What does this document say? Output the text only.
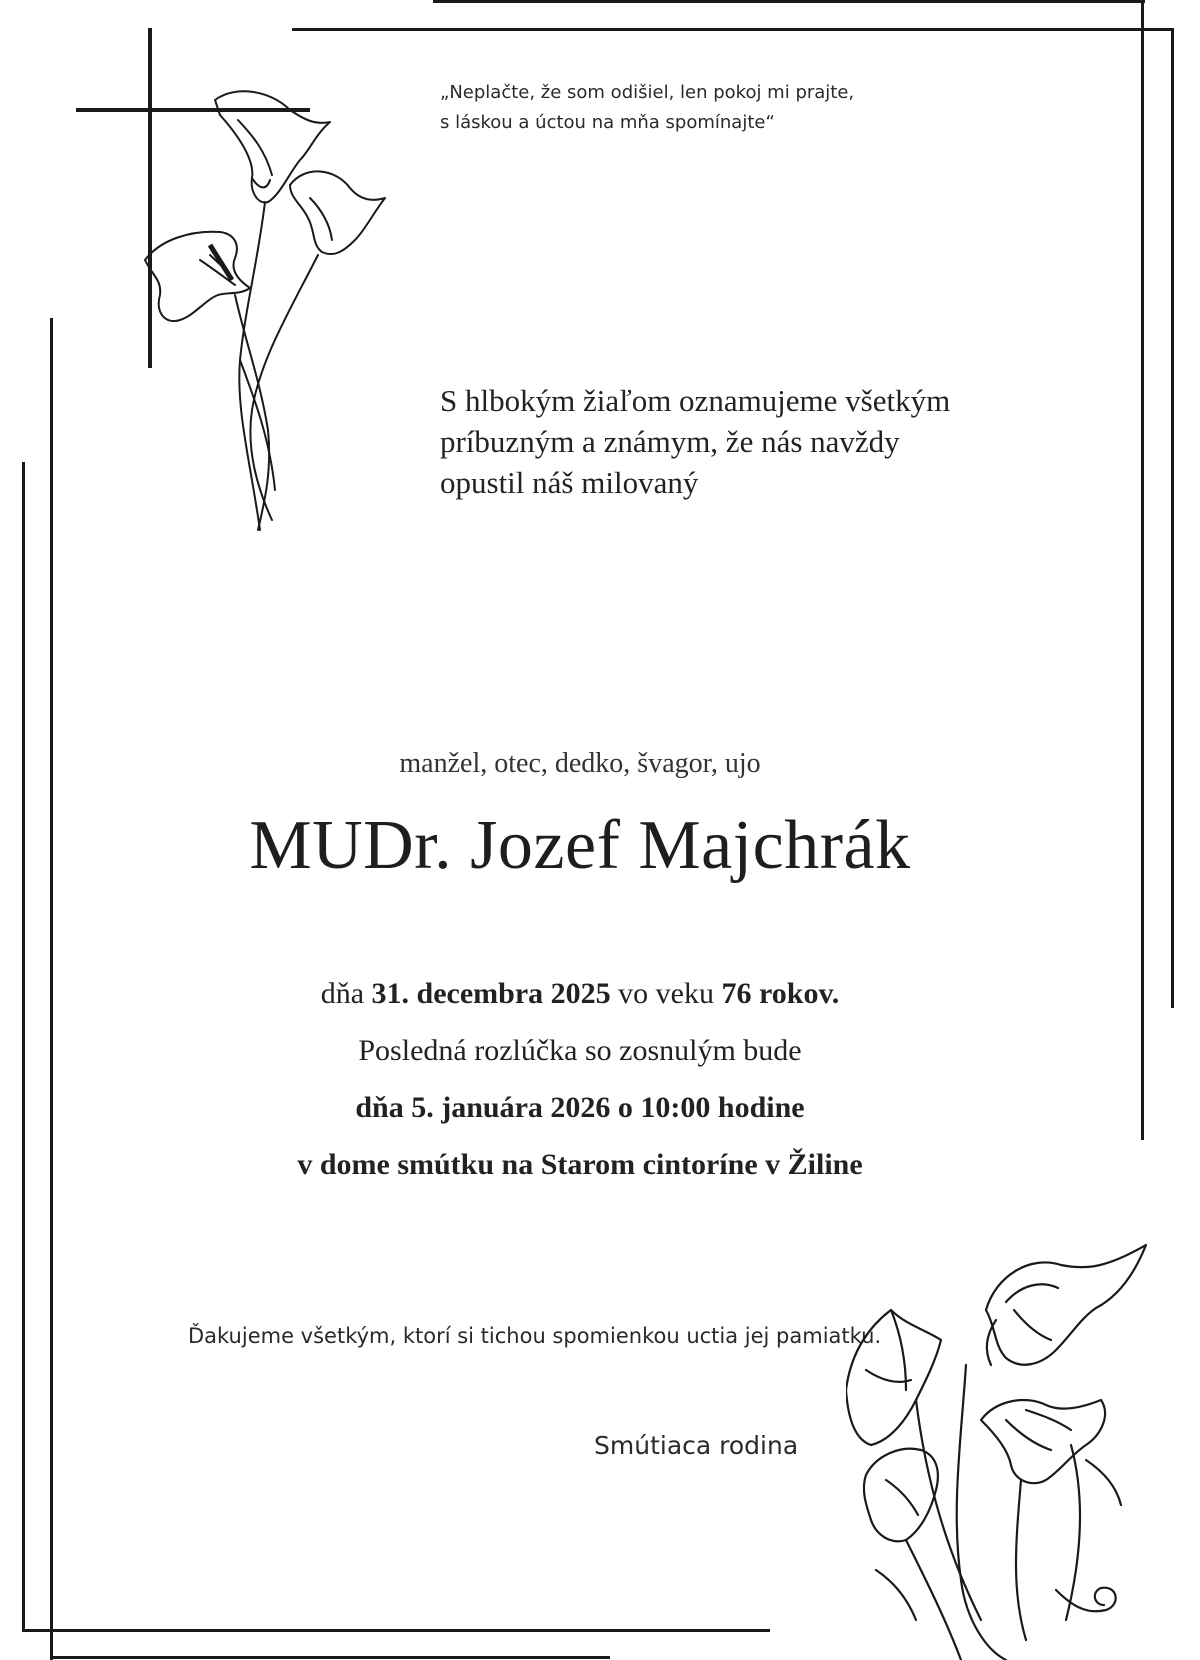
„Neplačte, že som odišiel, len pokoj mi prajte,
s láskou a úctou na mňa spomínajte“
S hlbokým žiaľom oznamujeme všetkým
príbuzným a známym, že nás navždy
opustil náš milovaný
manžel, otec, dedko, švagor, ujo
MUDr. Jozef Majchrák
dňa 31. decembra 2025 vo veku 76 rokov.
Posledná rozlúčka so zosnulým bude
dňa 5. januára 2026 o 10:00 hodine
v dome smútku na Starom cintoríne v Žiline
Ďakujeme všetkým, ktorí si tichou spomienkou uctia jej pamiatku.
Smútiaca rodina
